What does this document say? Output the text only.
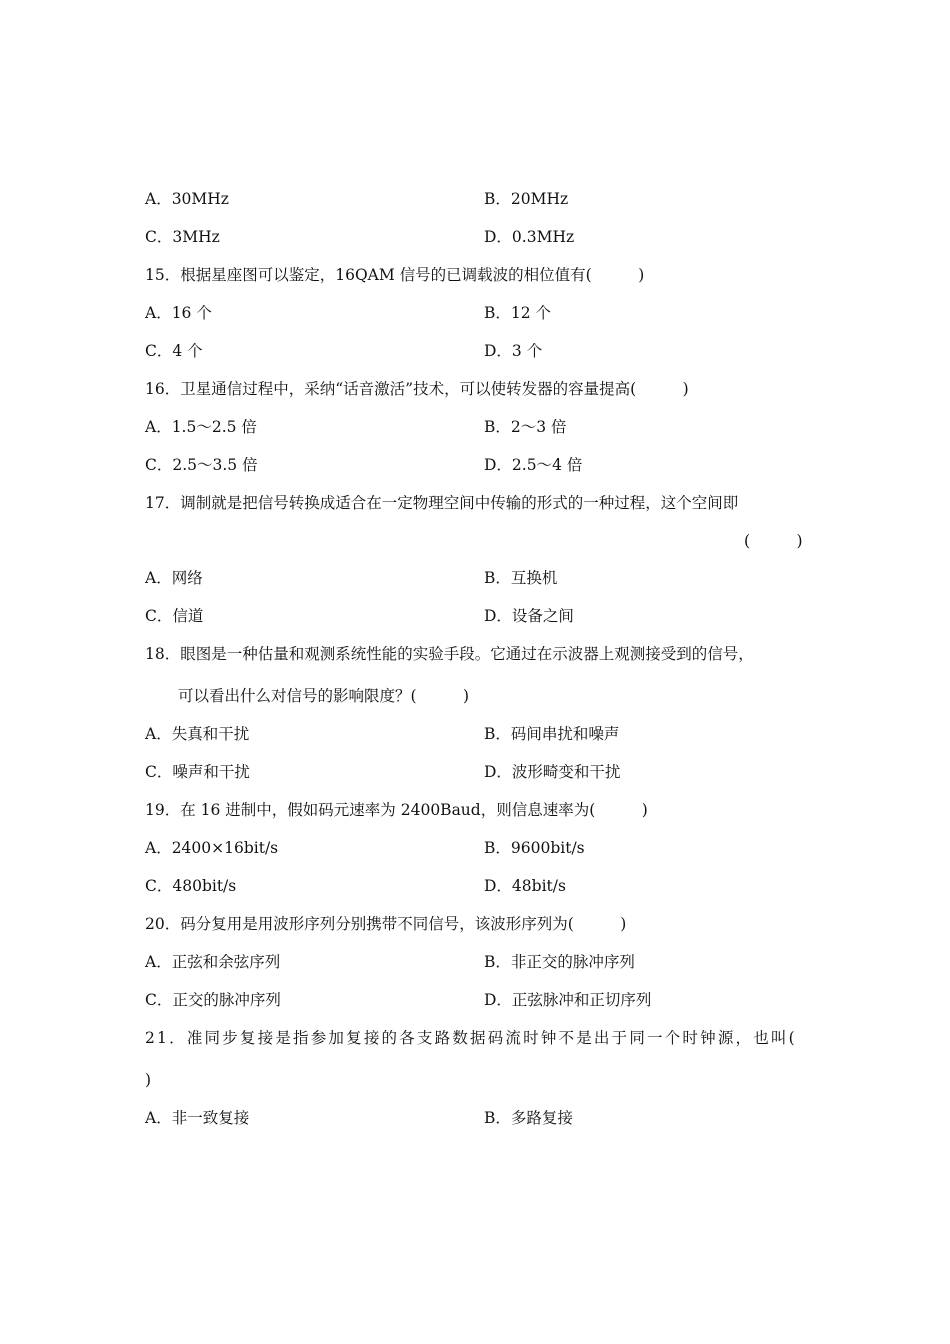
A．30MHz	B．20MHz
C．3MHz	D．0.3MHz
15．根据星座图可以鉴定，16QAM 信号的已调载波的相位值有(　　　)
A．16 个	B．12 个
C．4 个	D．3 个
16．卫星通信过程中，采纳“话音激活”技术，可以使转发器的容量提高(　　　)
A．1.5～2.5 倍	B．2～3 倍
C．2.5～3.5 倍	D．2.5～4 倍
17．调制就是把信号转换成适合在一定物理空间中传输的形式的一种过程，这个空间即
(　　　)
A．网络	B．互换机
C．信道	D．设备之间
18．眼图是一种估量和观测系统性能的实验手段。它通过在示波器上观测接受到的信号，
可以看出什么对信号的影响限度？(　　　)
A．失真和干扰	B．码间串扰和噪声
C．噪声和干扰	D．波形畸变和干扰
19．在 16 进制中，假如码元速率为 2400Baud，则信息速率为(　　　)
A．2400×16bit/s	B．9600bit/s
C．480bit/s	D．48bit/s
20．码分复用是用波形序列分别携带不同信号，该波形序列为(　　　)
A．正弦和余弦序列	B．非正交的脉冲序列
C．正交的脉冲序列	D．正弦脉冲和正切序列
21．准同步复接是指参加复接的各支路数据码流时钟不是出于同一个时钟源，也叫(
)
A．非一致复接	B．多路复接
